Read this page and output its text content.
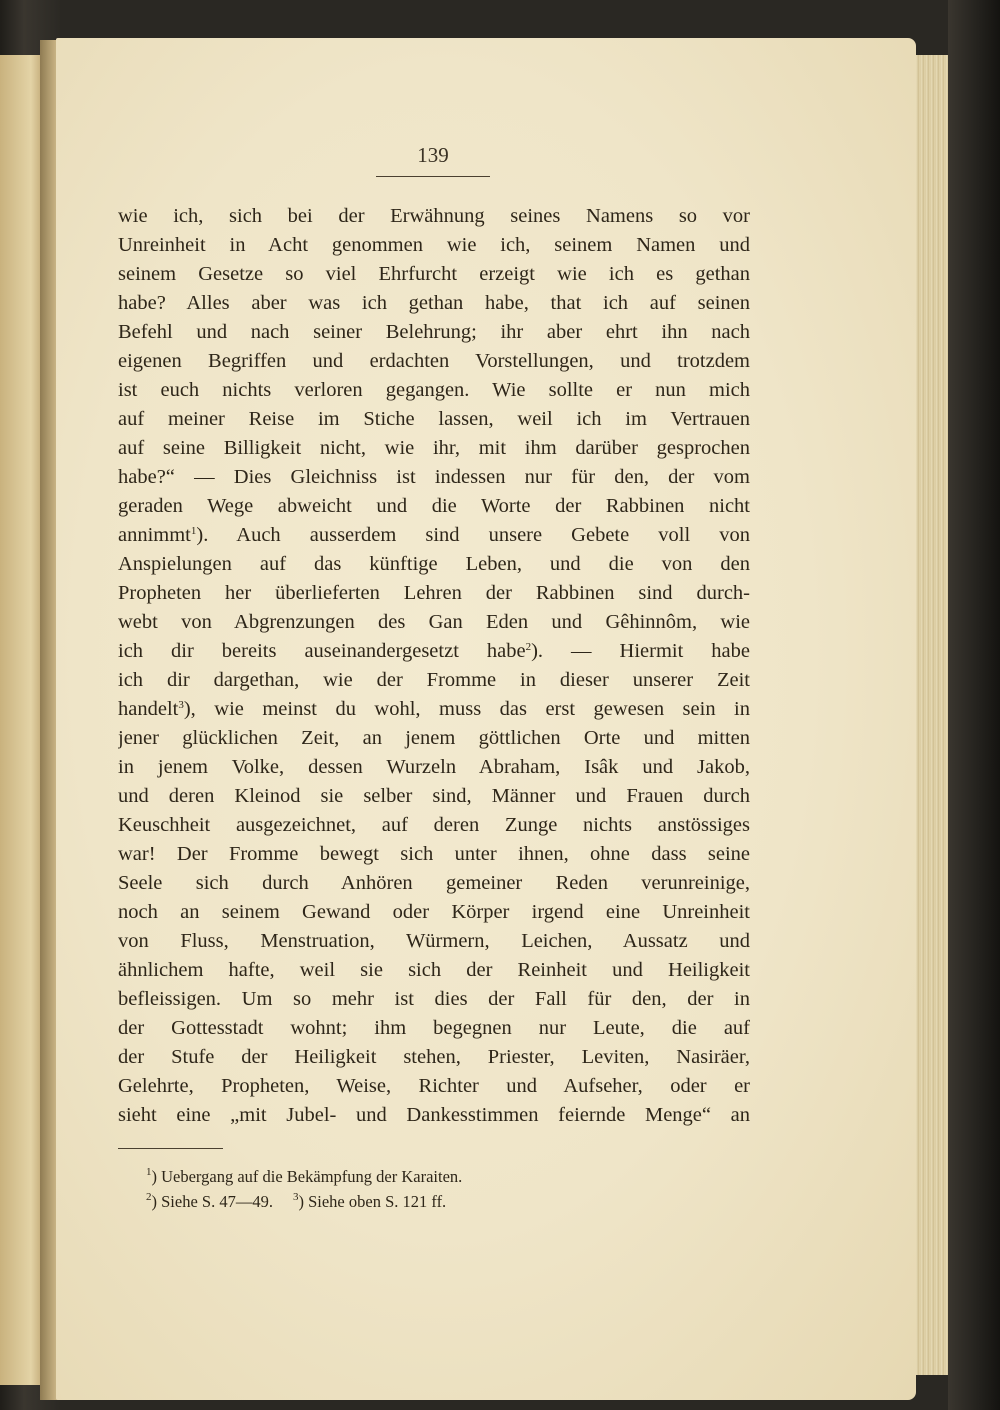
139
wie ich, sich bei der Erwähnung seines Namens so vor
Unreinheit in Acht genommen wie ich, seinem Namen und
seinem Gesetze so viel Ehrfurcht erzeigt wie ich es gethan
habe? Alles aber was ich gethan habe, that ich auf seinen
Befehl und nach seiner Belehrung; ihr aber ehrt ihn nach
eigenen Begriffen und erdachten Vorstellungen, und trotzdem
ist euch nichts verloren gegangen. Wie sollte er nun mich
auf meiner Reise im Stiche lassen, weil ich im Vertrauen
auf seine Billigkeit nicht, wie ihr, mit ihm darüber gesprochen
habe?“ — Dies Gleichniss ist indessen nur für den, der vom
geraden Wege abweicht und die Worte der Rabbinen nicht
annimmt$^1$). Auch ausserdem sind unsere Gebete voll von
Anspielungen auf das künftige Leben, und die von den
Propheten her überlieferten Lehren der Rabbinen sind durch-
webt von Abgrenzungen des Gan Eden und Gêhinnôm, wie
ich dir bereits auseinandergesetzt habe$^2$). — Hiermit habe
ich dir dargethan, wie der Fromme in dieser unserer Zeit
handelt$^3$), wie meinst du wohl, muss das erst gewesen sein in
jener glücklichen Zeit, an jenem göttlichen Orte und mitten
in jenem Volke, dessen Wurzeln Abraham, Isâk und Jakob,
und deren Kleinod sie selber sind, Männer und Frauen durch
Keuschheit ausgezeichnet, auf deren Zunge nichts anstössiges
war! Der Fromme bewegt sich unter ihnen, ohne dass seine
Seele sich durch Anhören gemeiner Reden verunreinige,
noch an seinem Gewand oder Körper irgend eine Unreinheit
von Fluss, Menstruation, Würmern, Leichen, Aussatz und
ähnlichem hafte, weil sie sich der Reinheit und Heiligkeit
befleissigen. Um so mehr ist dies der Fall für den, der in
der Gottesstadt wohnt; ihm begegnen nur Leute, die auf
der Stufe der Heiligkeit stehen, Priester, Leviten, Nasiräer,
Gelehrte, Propheten, Weise, Richter und Aufseher, oder er
sieht eine „mit Jubel- und Dankesstimmen feiernde Menge“ an
$^1$) Uebergang auf die Bekämpfung der Karaiten.
$^2$) Siehe S. 47—49. $^3$) Siehe oben S. 121 ff.
